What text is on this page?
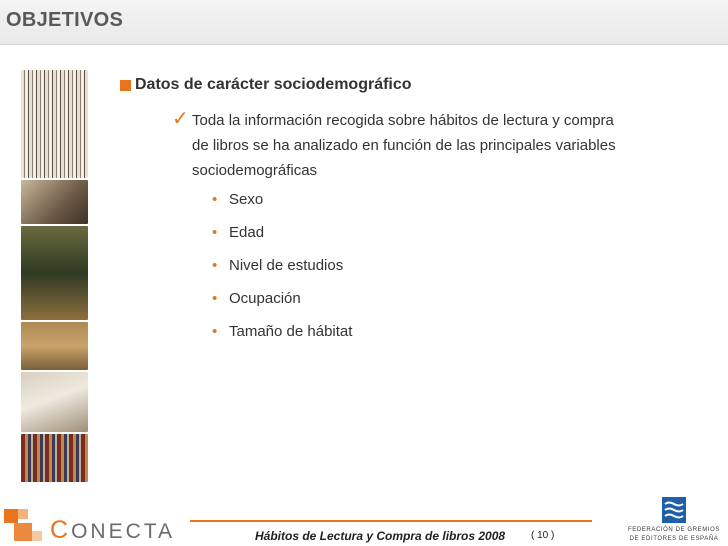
OBJETIVOS
Datos de carácter sociodemográfico
✓ Toda la información recogida sobre hábitos de lectura y compra de libros se ha analizado en función de las principales variables sociodemográficas
• Sexo
• Edad
• Nivel de estudios
• Ocupación
• Tamaño de hábitat
CONECTA	Hábitos de Lectura y Compra de libros 2008	( 10 )	FEDERACIÓN DE GREMIOS
DE EDITORES DE ESPAÑA
